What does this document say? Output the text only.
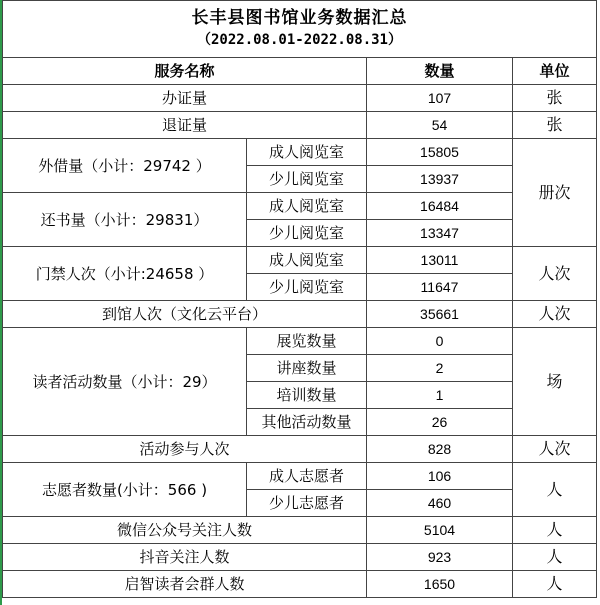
长丰县图书馆业务数据汇总
（2022.08.01-2022.08.31）			

服务名称		数量	单位
办证量		107	张
退证量		54	张
外借量（小计：29742 ）	成人阅览室	15805	册次
	少儿阅览室	13937	
还书量（小计：29831）	成人阅览室	16484	
	少儿阅览室	13347	
门禁人次（小计:24658 ）	成人阅览室	13011	人次
	少儿阅览室	11647	
到馆人次（文化云平台）		35661	人次
读者活动数量（小计：29）	展览数量	0	场
	讲座数量	2	
	培训数量	1	
	其他活动数量	26	
活动参与人次		828	人次
志愿者数量(小计：566 )	成人志愿者	106	人
	少儿志愿者	460	
微信公众号关注人数		5104	人
抖音关注人数		923	人
启智读者会群人数		1650	人
